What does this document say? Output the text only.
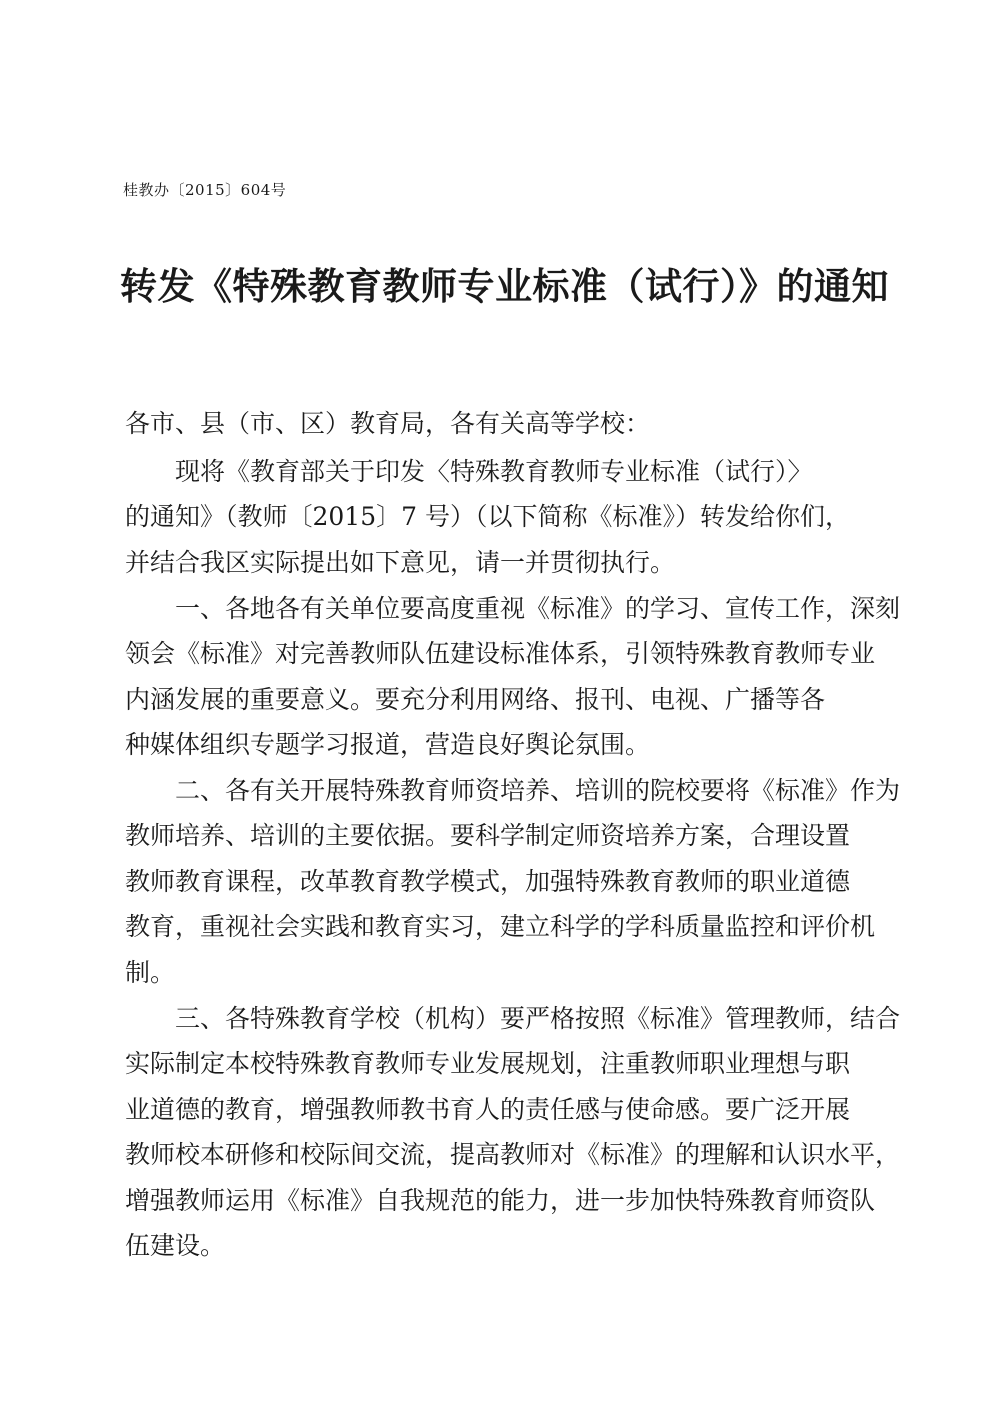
桂教办〔2015〕604号
转发《特殊教育教师专业标准（试行）》的通知
各市、县（市、区）教育局，各有关高等学校：
　　现将《教育部关于印发〈特殊教育教师专业标准（试行）〉
的通知》（教师〔2015〕7 号）（以下简称《标准》）转发给你们，
并结合我区实际提出如下意见，请一并贯彻执行。
　　一、各地各有关单位要高度重视《标准》的学习、宣传工作，深刻
领会《标准》对完善教师队伍建设标准体系，引领特殊教育教师专业
内涵发展的重要意义。要充分利用网络、报刊、电视、广播等各
种媒体组织专题学习报道，营造良好舆论氛围。
　　二、各有关开展特殊教育师资培养、培训的院校要将《标准》作为
教师培养、培训的主要依据。要科学制定师资培养方案，合理设置
教师教育课程，改革教育教学模式，加强特殊教育教师的职业道德
教育，重视社会实践和教育实习，建立科学的学科质量监控和评价机
制。
　　三、各特殊教育学校（机构）要严格按照《标准》管理教师，结合
实际制定本校特殊教育教师专业发展规划，注重教师职业理想与职
业道德的教育，增强教师教书育人的责任感与使命感。要广泛开展
教师校本研修和校际间交流，提高教师对《标准》的理解和认识水平，
增强教师运用《标准》自我规范的能力，进一步加快特殊教育师资队
伍建设。
